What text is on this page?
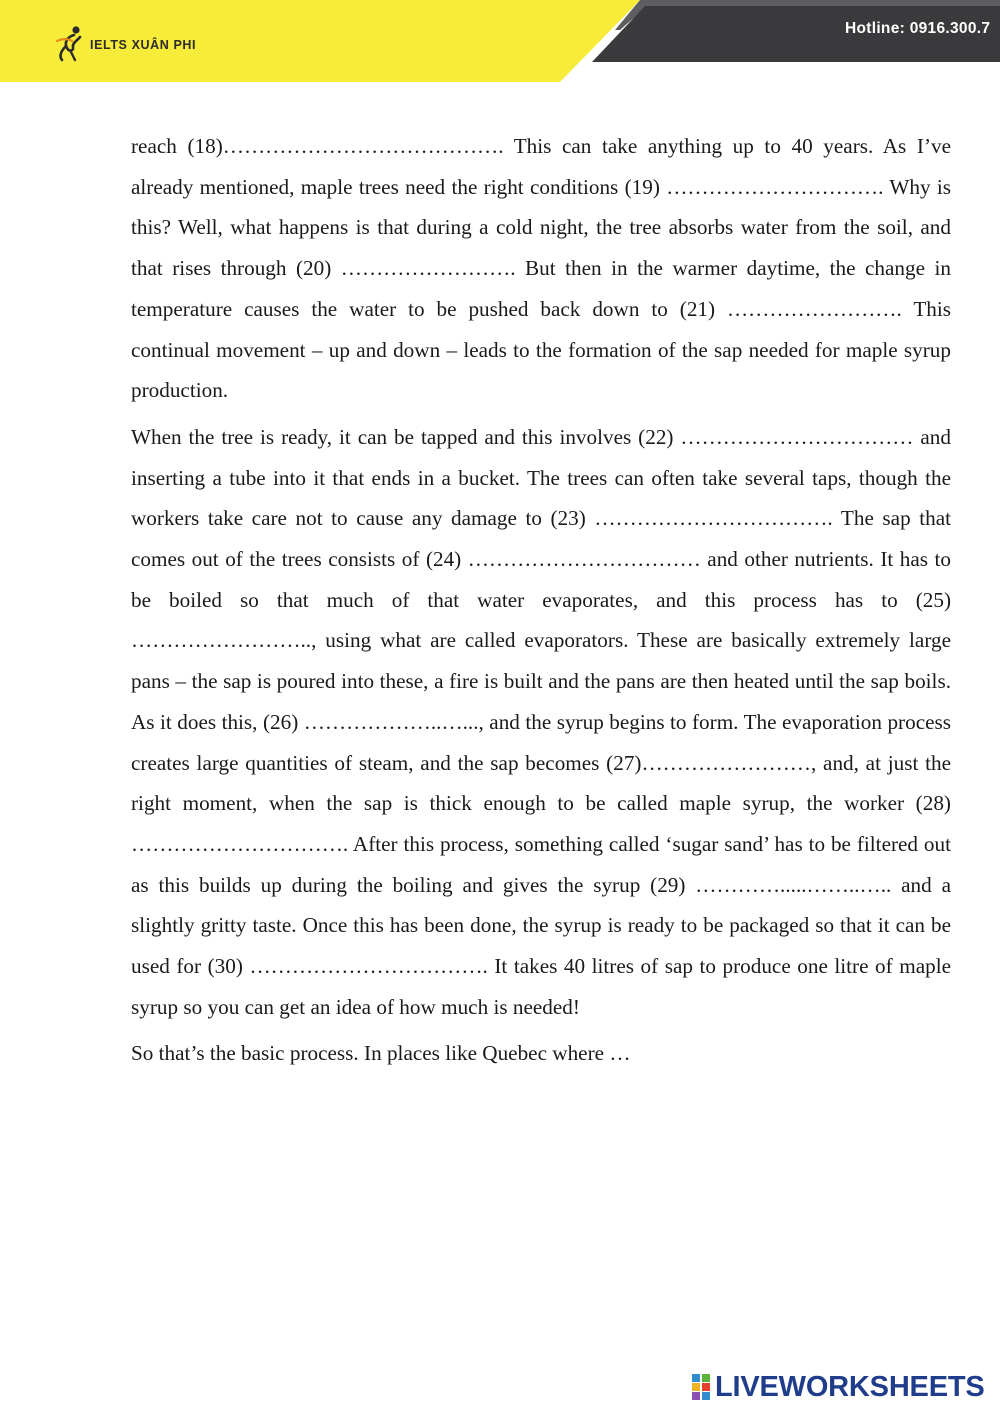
IELTS XUÂN PHI
Hotline: 0916.300.7

reach (18)…………………………………. This can take anything up to 40 years. As I’ve already mentioned, maple trees need the right conditions (19) …………………………. Why is this? Well, what happens is that during a cold night, the tree absorbs water from the soil, and that rises through (20) ……………………. But then in the warmer daytime, the change in temperature causes the water to be pushed back down to (21) ……………………. This continual movement – up and down – leads to the formation of the sap needed for maple syrup production.

When the tree is ready, it can be tapped and this involves (22) …………………………… and inserting a tube into it that ends in a bucket. The trees can often take several taps, though the workers take care not to cause any damage to (23) ……………………………. The sap that comes out of the trees consists of (24) …………………………… and other nutrients. It has to be boiled so that much of that water evaporates, and this process has to (25) …………………….., using what are called evaporators. These are basically extremely large pans – the sap is poured into these, a fire is built and the pans are then heated until the sap boils. As it does this, (26) ………………..…..., and the syrup begins to form. The evaporation process creates large quantities of steam, and the sap becomes (27)……………………, and, at just the right moment, when the sap is thick enough to be called maple syrup, the worker (28) …………………………. After this process, something called ‘sugar sand’ has to be filtered out as this builds up during the boiling and gives the syrup (29) ………….....……..….. and a slightly gritty taste. Once this has been done, the syrup is ready to be packaged so that it can be used for (30) ……………………………. It takes 40 litres of sap to produce one litre of maple syrup so you can get an idea of how much is needed!

So that’s the basic process. In places like Quebec where …

LIVEWORKSHEETS
